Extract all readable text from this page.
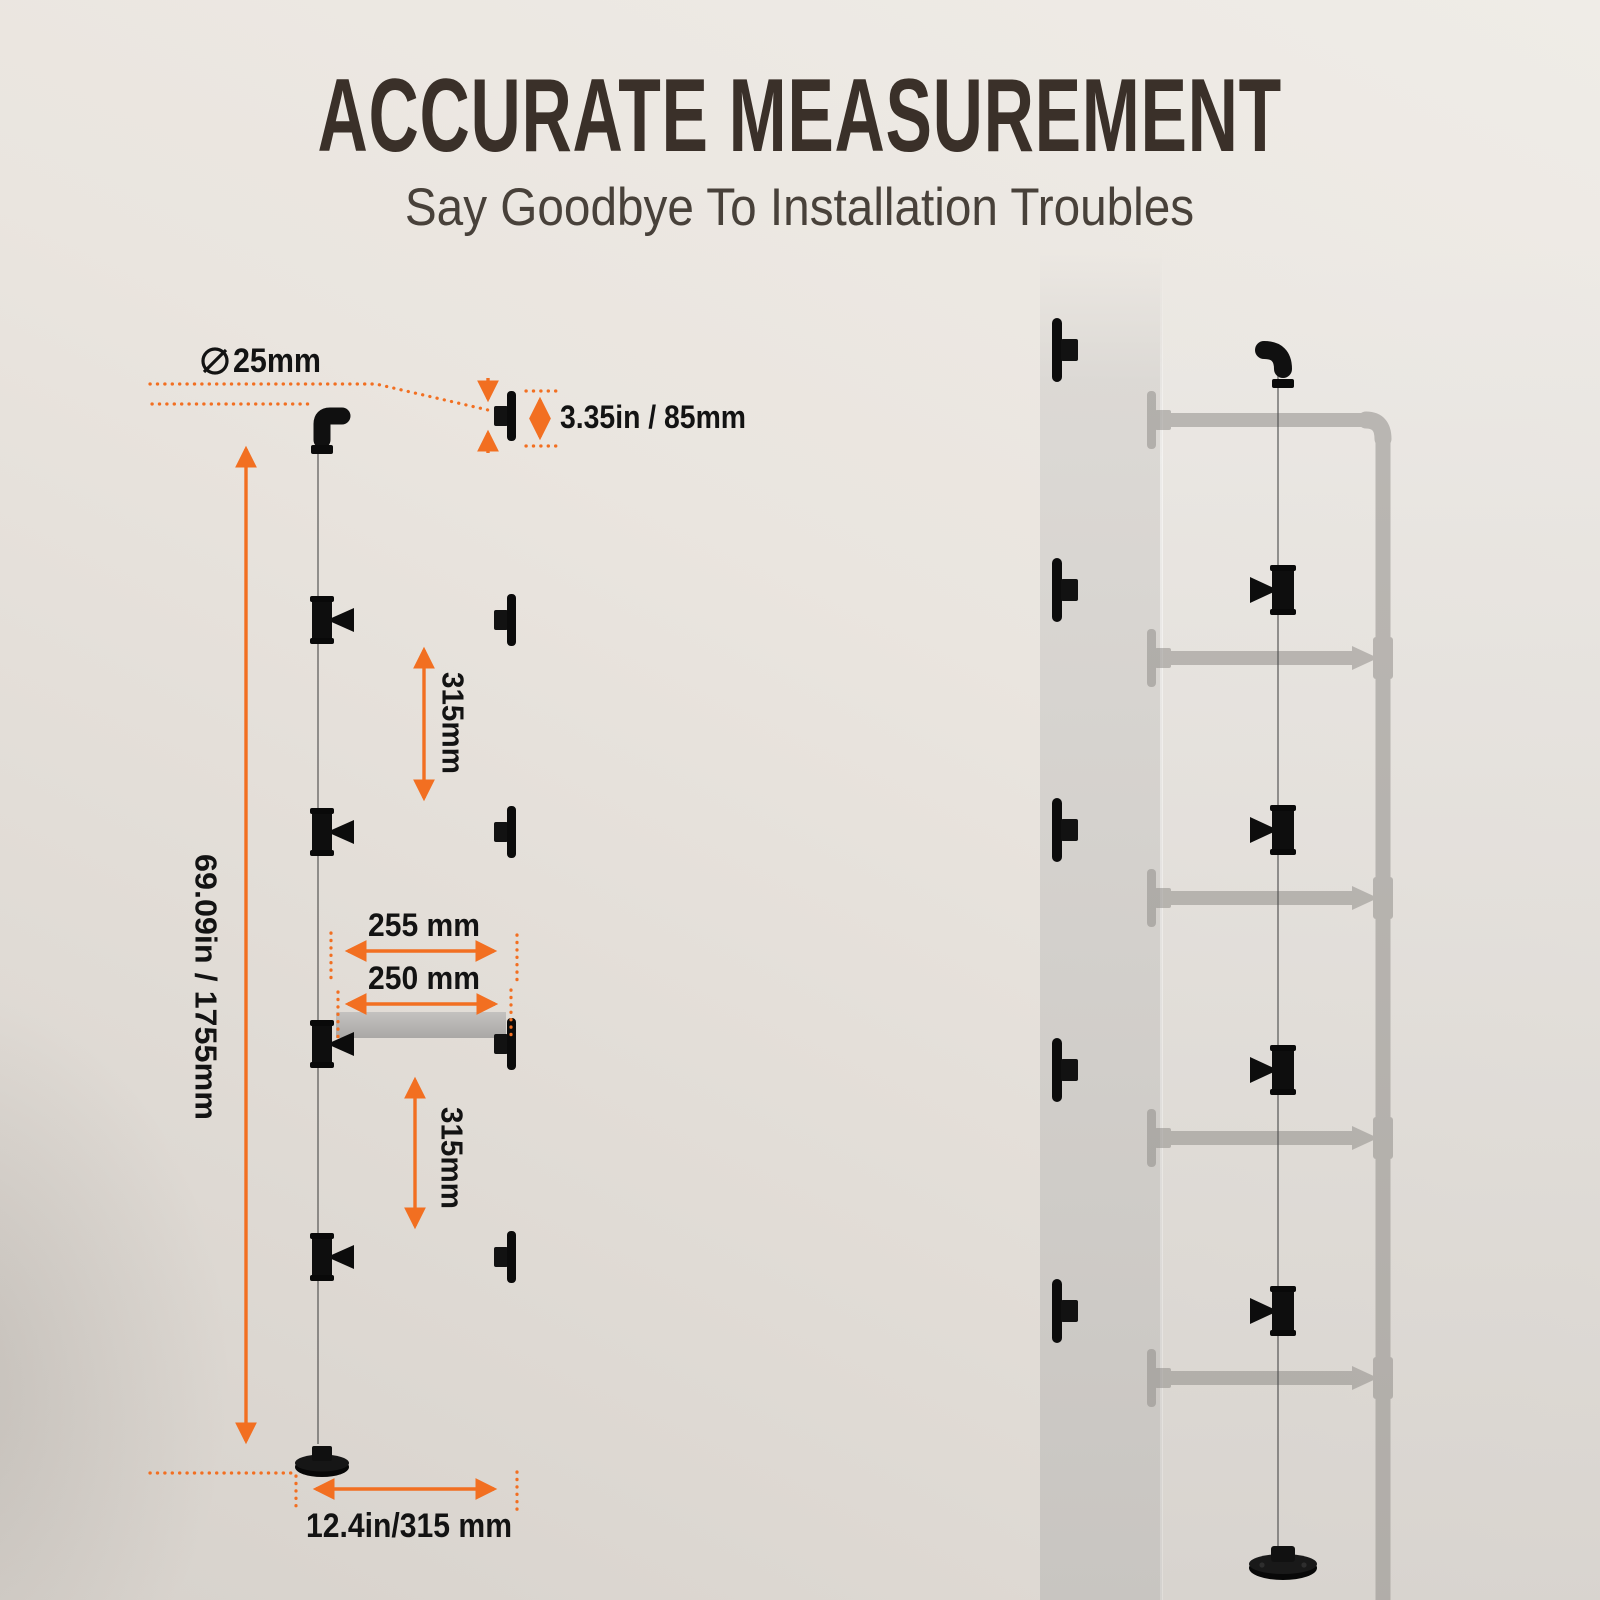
ACCURATE MEASUREMENT
Say Goodbye To Installation Troubles
25mm
3.35in / 85mm
315mm
255 mm
250 mm
315mm
69.09in / 1755mm
12.4in/315 mm
